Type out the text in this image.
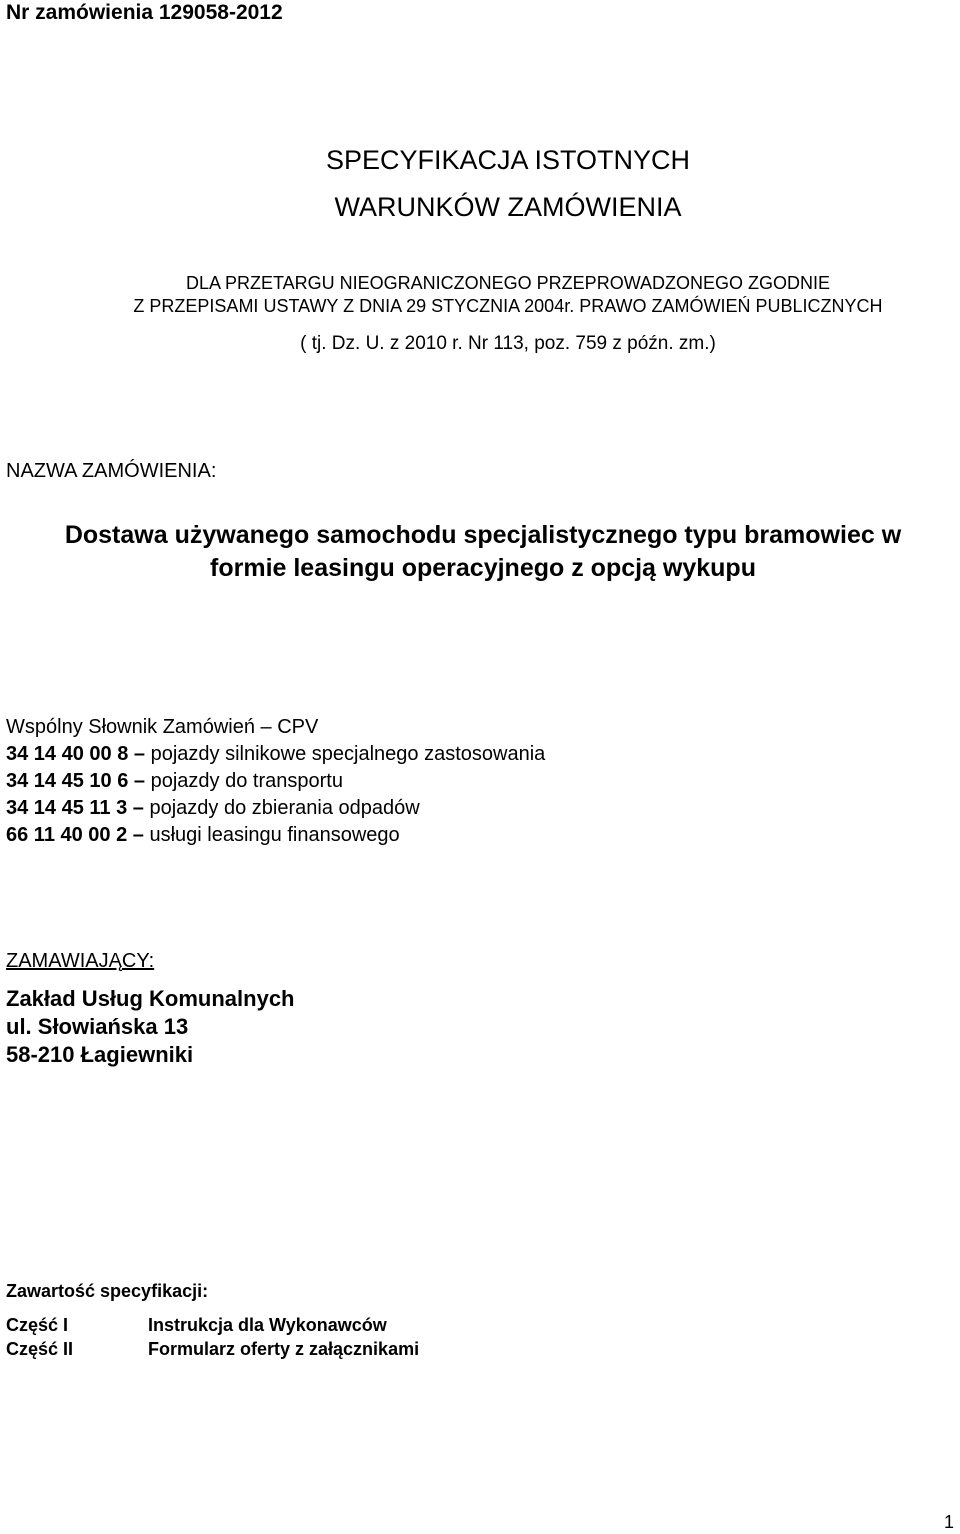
Nr zamówienia 129058-2012
SPECYFIKACJA ISTOTNYCH
WARUNKÓW ZAMÓWIENIA
DLA PRZETARGU NIEOGRANICZONEGO PRZEPROWADZONEGO ZGODNIE
Z PRZEPISAMI USTAWY Z DNIA 29 STYCZNIA 2004r. PRAWO ZAMÓWIEŃ PUBLICZNYCH
( tj. Dz. U. z 2010 r. Nr 113, poz. 759 z późn. zm.)
NAZWA ZAMÓWIENIA:
Dostawa używanego samochodu specjalistycznego typu bramowiec w
formie leasingu operacyjnego z opcją wykupu
Wspólny Słownik Zamówień – CPV
34 14 40 00 8 – pojazdy silnikowe specjalnego zastosowania
34 14 45 10 6 – pojazdy do transportu
34 14 45 11 3 – pojazdy do zbierania odpadów
66 11 40 00 2 – usługi leasingu finansowego
ZAMAWIAJĄCY:
Zakład Usług Komunalnych
ul. Słowiańska 13
58-210 Łagiewniki
Zawartość specyfikacji:
Część I	Instrukcja dla Wykonawców
Część II	Formularz oferty z załącznikami
1
